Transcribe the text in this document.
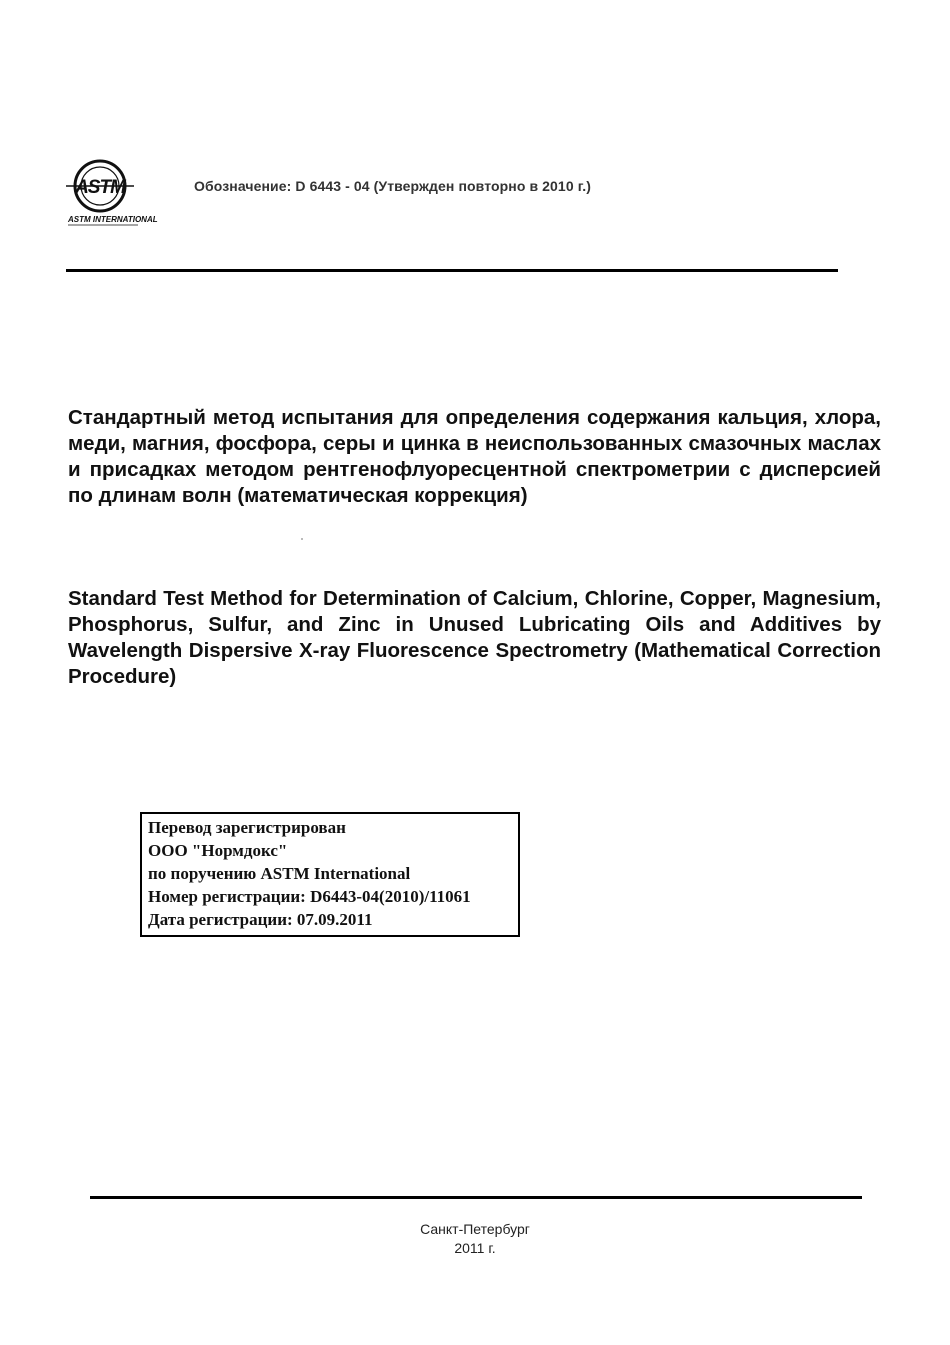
ASTM
ASTM INTERNATIONAL
Обозначение: D 6443 - 04 (Утвержден повторно в 2010 г.)

Стандартный метод испытания для определения содержания кальция, хлора, меди, магния, фосфора, серы и цинка в неиспользованных смазочных маслах и присадках методом рентгенофлуоресцентной спектрометрии с дисперсией по длинам волн (математическая коррекция)

Standard Test Method for Determination of Calcium, Chlorine, Copper, Magnesium, Phosphorus, Sulfur, and Zinc in Unused Lubricating Oils and Additives by Wavelength Dispersive X-ray Fluorescence Spectrometry (Mathematical Correction Procedure)

Перевод зарегистрирован
ООО "Нормдокс"
по поручению ASTM International
Номер регистрации: D6443-04(2010)/11061
Дата регистрации: 07.09.2011
Санкт-Петербург
2011 г.
